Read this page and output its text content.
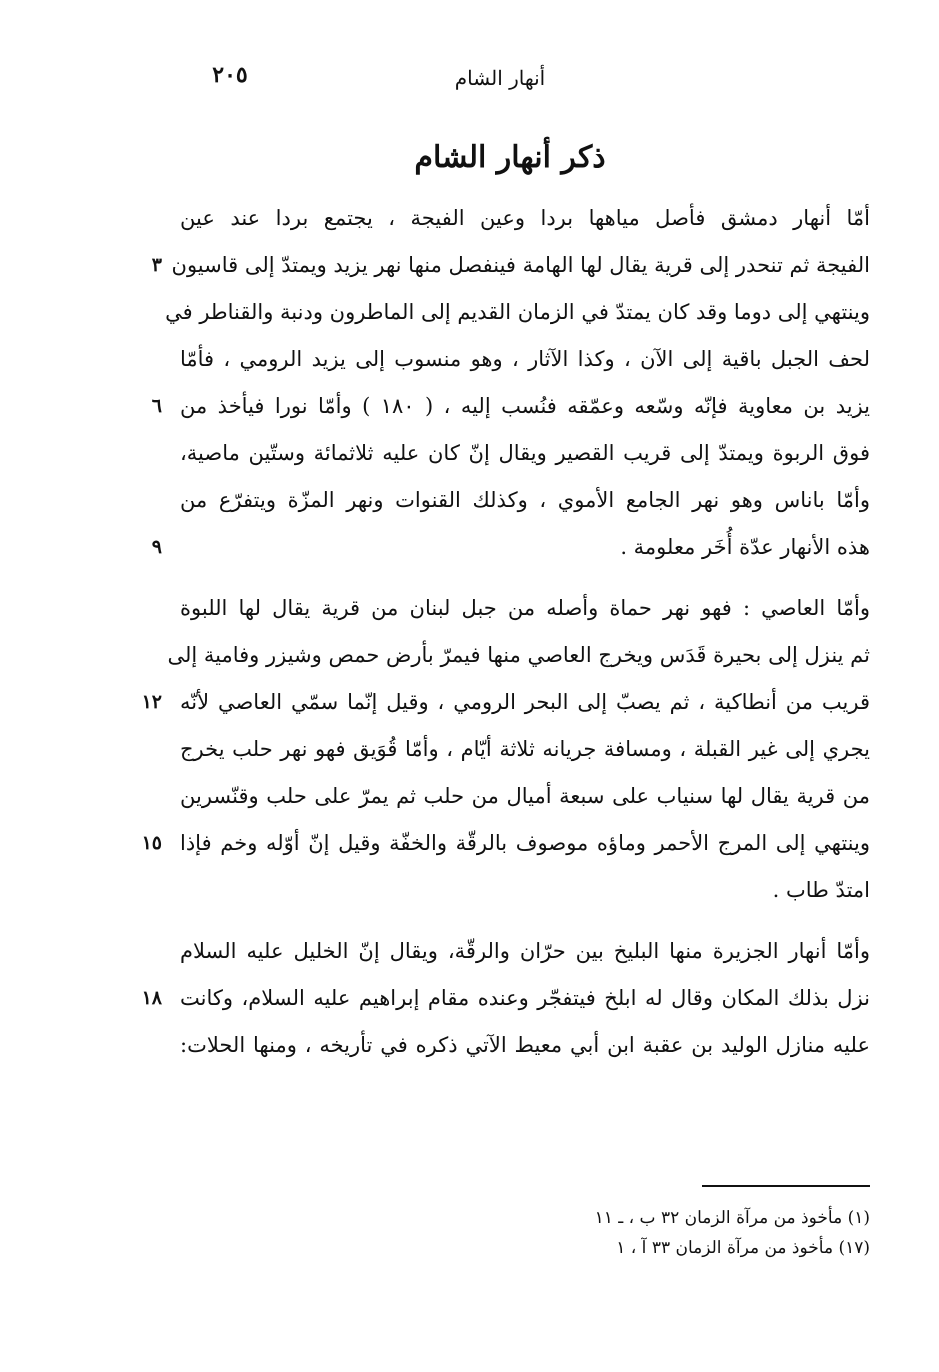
أنهار الشام
٢٠٥
ذكر أنهار الشام
أمّا أنهار دمشق فأصل مياهها بردا وعين الفيجة ، يجتمع بردا عند عين
الفيجة ثم تنحدر إلى قرية يقال لها الهامة فينفصل منها نهر يزيد ويمتدّ إلى قاسيون
٣
وينتهي إلى دوما وقد كان يمتدّ في الزمان القديم إلى الماطرون ودنبة والقناطر في
لحف الجبل باقية إلى الآن ، وكذا الآثار ، وهو منسوب إلى يزيد الرومي ، فأمّا
يزيد بن معاوية فإنّه وسّعه وعمّقه فنُسب إليه ، ( ١٨٠ ) وأمّا نورا فيأخذ من
٦
فوق الربوة ويمتدّ إلى قريب القصير ويقال إنّ كان عليه ثلاثمائة وستّين ماصية،
وأمّا باناس وهو نهر الجامع الأموي ، وكذلك القنوات ونهر المزّة ويتفرّع من
هذه الأنهار عدّة أُخَر معلومة .
٩
وأمّا العاصي : فهو نهر حماة وأصله من جبل لبنان من قرية يقال لها اللبوة
ثم ينزل إلى بحيرة قَدَس ويخرج العاصي منها فيمرّ بأرض حمص وشيزر وفامية إلى
قريب من أنطاكية ، ثم يصبّ إلى البحر الرومي ، وقيل إنّما سمّي العاصي لأنّه
١٢
يجري إلى غير القبلة ، ومسافة جريانه ثلاثة أيّام ، وأمّا قُوَيق فهو نهر حلب يخرج
من قرية يقال لها سنياب على سبعة أميال من حلب ثم يمرّ على حلب وقنّسرين
وينتهي إلى المرج الأحمر وماؤه موصوف بالرقّة والخفّة وقيل إنّ أوّله وخم فإذا
١٥
امتدّ طاب .
وأمّا أنهار الجزيرة منها البليخ بين حرّان والرقّة، ويقال إنّ الخليل عليه السلام
نزل بذلك المكان وقال له ابلخ فيتفجّر وعنده مقام إبراهيم عليه السلام، وكانت
١٨
عليه منازل الوليد بن عقبة ابن أبي معيط الآتي ذكره في تأريخه ، ومنها الحلات:
(١) مأخوذ من مرآة الزمان ٣٢ ب ، ـ ١١
(١٧) مأخوذ من مرآة الزمان ٣٣ آ ، ١
